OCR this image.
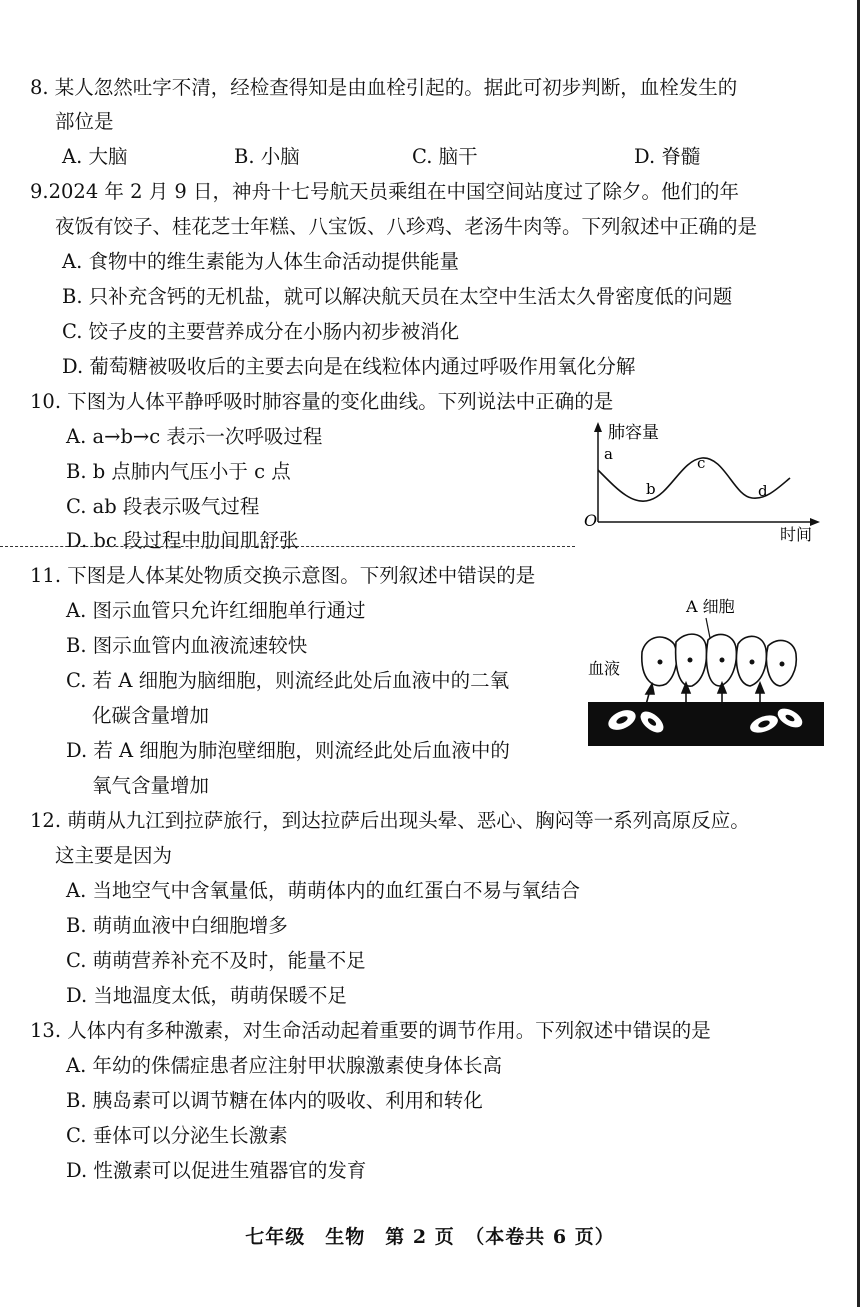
8. 某人忽然吐字不清，经检查得知是由血栓引起的。据此可初步判断，血栓发生的
部位是
A. 大脑	B. 小脑	C. 脑干	D. 脊髓
9.2024 年 2 月 9 日，神舟十七号航天员乘组在中国空间站度过了除夕。他们的年
夜饭有饺子、桂花芝士年糕、八宝饭、八珍鸡、老汤牛肉等。下列叙述中正确的是
A. 食物中的维生素能为人体生命活动提供能量
B. 只补充含钙的无机盐，就可以解决航天员在太空中生活太久骨密度低的问题
C. 饺子皮的主要营养成分在小肠内初步被消化
D. 葡萄糖被吸收后的主要去向是在线粒体内通过呼吸作用氧化分解
10. 下图为人体平静呼吸时肺容量的变化曲线。下列说法中正确的是
A. a→b→c 表示一次呼吸过程
B. b 点肺内气压小于 c 点
C. ab 段表示吸气过程
D. bc 段过程中肋间肌舒张
肺容量
时间
O
a
b
c
d
11. 下图是人体某处物质交换示意图。下列叙述中错误的是
A. 图示血管只允许红细胞单行通过
B. 图示血管内血液流速较快
C. 若 A 细胞为脑细胞，则流经此处后血液中的二氧
化碳含量增加
D. 若 A 细胞为肺泡壁细胞，则流经此处后血液中的
氧气含量增加
A 细胞
血液
12. 萌萌从九江到拉萨旅行，到达拉萨后出现头晕、恶心、胸闷等一系列高原反应。
这主要是因为
A. 当地空气中含氧量低，萌萌体内的血红蛋白不易与氧结合
B. 萌萌血液中白细胞增多
C. 萌萌营养补充不及时，能量不足
D. 当地温度太低，萌萌保暖不足
13. 人体内有多种激素，对生命活动起着重要的调节作用。下列叙述中错误的是
A. 年幼的侏儒症患者应注射甲状腺激素使身体长高
B. 胰岛素可以调节糖在体内的吸收、利用和转化
C. 垂体可以分泌生长激素
D. 性激素可以促进生殖器官的发育
七年级　生物　第 2 页　（本卷共 6 页）
